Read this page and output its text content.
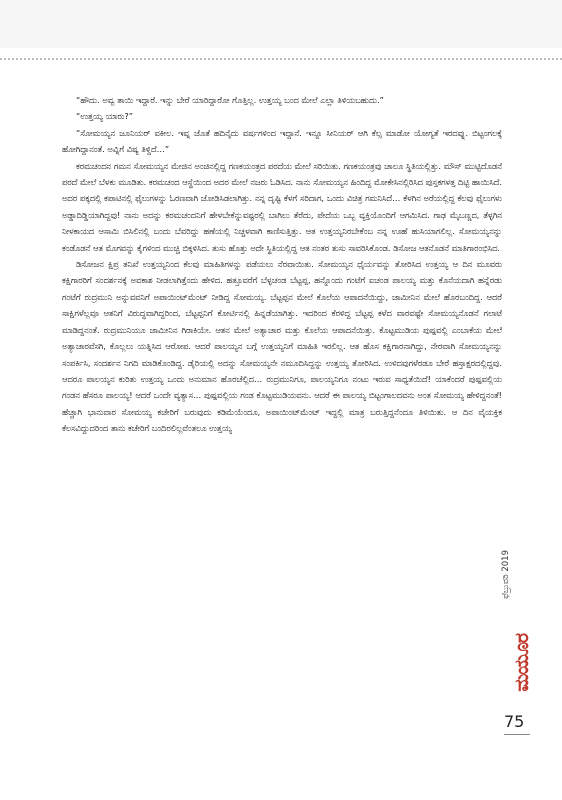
“ಹೌದು. ಅವ್ವ ತಾಯಿ ಇದ್ದಾರೆ. ಇನ್ನು ಬೇರೆ ಯಾರಿದ್ದಾರೋ ಗೊತ್ತಿಲ್ಲ. ಉತ್ತಯ್ಯ ಬಂದ ಮೇಲೆ ಎಲ್ಲಾ ತಿಳಿಯಬಹುದು.”

“ಉತ್ತಯ್ಯ ಯಾರು?”

“ಸೋಮಯ್ಯನ ಜೂನಿಯರ್ ವಕೀಲ. ಇವ್ನ ಜೊತೆ ಹದಿನೈದು ವರ್ಷಗಳಿಂದ ಇದ್ದಾನೆ. ಇನ್ನೂ ಸೀನಿಯರ್ ಆಗಿ ಕೆಲ್ಸ ಮಾಡೋ ಯೋಗ್ಯತೆ ಇರದವ್ನು. ಬಿಟ್ಟಂಗಲಕ್ಕೆ ಹೋಗಿದ್ದಾನಂತೆ. ಅವ್ನಿಗೆ ವಿಷ್ಯ ತಿಳ್ದಿದೆ…”

ಕರಮಚಂದನ ಗಮನ ಸೋಮಯ್ಯನ ಮೇಜಿನ ಅಂಚಿನಲ್ಲಿದ್ದ ಗಣಕಯಂತ್ರದ ಪರದೆಯ ಮೇಲೆ ಸರಿಯಿತು. ಗಣಕಯಂತ್ರವು ಚಾಲೂ ಸ್ಥಿತಿಯಲ್ಲಿತ್ತು. ಮೌಸ್ ಮುಟ್ಟಿದೊಡನೆ ಪರದೆ ಮೇಲೆ ಬೆಳಕು ಮೂಡಿತು. ಕರಮಚಂದ ಆಸ್ಥೆಯಿಂದ ಅದರ ಮೇಲೆ ನಜರು ಓಡಿಸಿದ. ನಾನು ಸೋಮಯ್ಯನ ಹಿಂದಿದ್ದ ಮೋಕೇಸಿನಲ್ಲಿರಿಸಿದ ಪುಸ್ತಕಗಳತ್ತ ದಿಟ್ಟಿ ಹಾಯಿಸಿದೆ. ಅದರ ಪಕ್ಕದಲ್ಲಿ ಕಪಾಟಿನಲ್ಲಿ ಫೈಲುಗಳನ್ನು ಓರಣವಾಗಿ ಜೋಡಿಸಿಡಲಾಗಿತ್ತು. ನನ್ನ ದೃಷ್ಟಿ ಕೆಳಗೆ ಸರಿದಾಗ, ಒಂದು ವಿಚಿತ್ರ ಗಮನಿಸಿದೆ… ಕೆಳಗಿನ ಅರೆಯಲ್ಲಿದ್ದ ಕೆಲವು ಫೈಲುಗಳು ಅಡ್ಡಾದಿಡ್ಡಿಯಾಗಿದ್ದವು! ನಾನು ಅದನ್ನು ಕರಮಚಂದನಿಗೆ ಹೇಳಬೇಕೆನ್ನುವಷ್ಟರಲ್ಲಿ ಬಾಗಿಲು ತೆರೆದು, ಪೇದೆಯ ಒಬ್ಬ ವ್ಯಕ್ತಿಯೊಂದಿಗೆ ಆಗಮಿಸಿದ. ಗಾಢ ಮೈಬಣ್ಣದ, ತೆಳ್ಳಗಿನ ನೀಳಕಾಯದ ಆಸಾಮಿ ಬಿಸಿಲಿನಲ್ಲಿ ಬಂದು ಬೆವರಿದ್ದು ಹಣೆಯಲ್ಲಿ ನಿಚ್ಚಳವಾಗಿ ಕಾಣಿಸುತ್ತಿತ್ತು. ಆತ ಉತ್ತಯ್ಯನಿರಬೇಕೆಂಬ ನನ್ನ ಊಹೆ ಹುಸಿಯಾಗಲಿಲ್ಲ. ಸೋಮಯ್ಯನನ್ನು ಕಂಡೊಡನೆ ಆತ ಮೊಗವನ್ನು ಕೈಗಳಿಂದ ಮುಚ್ಚಿ ಬಿಕ್ಕಳಿಸಿದ. ತುಸು ಹೊತ್ತು ಅದೇ ಸ್ಥಿತಿಯಲ್ಲಿದ್ದ ಆತ ನಂತರ ತುಸು ಸಾವರಿಸಿಕೊಂಡ. ಡಿಸೋಜ ಆತನೊಡನೆ ಮಾತಿಗಾರಂಭಿಸಿದ.

ಡಿಸೋಜನ ಕ್ಷಿಪ್ರ ತನಿಖೆ ಉತ್ತಯ್ಯನಿಂದ ಕೆಲವು ಮಾಹಿತಿಗಳನ್ನು ಪಡೆಯಲು ನೆರವಾಯಿತು. ಸೋಮಯ್ಯನ ಧೈರ್ಯವನ್ನು ತೋರಿಸಿದ ಉತ್ತಯ್ಯ ಆ ದಿನ ಮೂವರು ಕಕ್ಷಿಗಾರರಿಗೆ ಸಂದರ್ಶನಕ್ಕೆ ಅವಕಾಶ ನೀಡಲಾಗಿತ್ತೆಂದು ಹೇಳಿದ. ಹತ್ತೂವರೆಗೆ ಬೆಳ್ಳಚಂಡ ಬೆಟ್ಟಪ್ಪ, ಹನ್ನೊಂದು ಗಂಟೆಗೆ ಐಚಂಡ ಪಾಲಯ್ಯ ಮತ್ತು ಕೊನೆಯದಾಗಿ ಹನ್ನೆರಡು ಗಂಟೆಗೆ ರುದ್ರಮುನಿ ಅನ್ನುವವನಿಗೆ ಅಪಾಯಿಂಟ್‌ಮೆಂಟ್ ನೀಡಿದ್ದ ಸೋಮಯ್ಯ. ಬೆಟ್ಟಪ್ಪನ ಮೇಲೆ ಕೊಲೆಯ ಆಪಾದನೆಯಿದ್ದು, ಜಾಮೀನಿನ ಮೇಲೆ ಹೊರಬಂದಿದ್ದ. ಆದರೆ ಸಾಕ್ಷಿಗಳೆಲ್ಲವೂ ಆತನಿಗೆ ವಿರುದ್ಧವಾಗಿದ್ದರಿಂದ, ಬೆಟ್ಟಪ್ಪನಿಗೆ ಕೋರ್ಟಿನಲ್ಲಿ ಹಿನ್ನಡೆಯಾಗಿತ್ತು. ಇದರಿಂದ ಕೆರಳಿದ್ದ ಬೆಟ್ಟಪ್ಪ ಕಳೆದ ವಾರವಷ್ಟೇ ಸೋಮಯ್ಯನೊಡನೆ ಗಲಾಟೆ ಮಾಡಿದ್ದನಂತೆ. ರುದ್ರಮುನಿಯೂ ಜಾಮೀನಿನ ಗಿರಾಕಿಯೇ. ಆತನ ಮೇಲೆ ಅತ್ಯಾಚಾರ ಮತ್ತು ಕೊಲೆಯ ಆಪಾದನೆಯಿತ್ತು. ಕೊಟ್ಟಮುಡಿಯ ಪುಷ್ಪವಲ್ಲಿ ಎಂಬಾಕೆಯ ಮೇಲೆ ಅತ್ಯಾಚಾರವೆಸಗಿ, ಕೊಲ್ಲಲು ಯತ್ನಿಸಿದ ಆರೋಪ. ಆದರೆ ಪಾಲಯ್ಯನ ಬಗ್ಗೆ ಉತ್ತಯ್ಯನಿಗೆ ಮಾಹಿತಿ ಇರಲಿಲ್ಲ. ಆತ ಹೊಸ ಕಕ್ಷಿಗಾರನಾಗಿದ್ದು, ನೇರವಾಗಿ ಸೋಮಯ್ಯನನ್ನು ಸಂಪರ್ಕಿಸಿ, ಸಂದರ್ಶನ ನಿಗದಿ ಮಾಡಿಕೊಂಡಿದ್ದ. ಡೈರಿಯಲ್ಲಿ ಅದನ್ನು ಸೋಮಯ್ಯನೇ ನಮೂದಿಸಿದ್ದನ್ನು ಉತ್ತಯ್ಯ ತೋರಿಸಿದ. ಉಳಿದವುಗಳೆರಡೂ ಬೇರೆ ಹಸ್ತಾಕ್ಷರದಲ್ಲಿದ್ದವು. ಆದರೂ ಪಾಲಯ್ಯನ ಕುರಿತು ಉತ್ತಯ್ಯ ಒಂದು ಅನುಮಾನ ಹೊರಚೆಲ್ಲಿದ… ರುದ್ರಮುನಿಗೂ, ಪಾಲಯ್ಯನಿಗೂ ನಂಟು ಇರುವ ಸಾಧ್ಯತೆಯಿದೆ! ಯಾಕೆಂದರೆ ಪುಷ್ಪವಲ್ಲಿಯ ಗಂಡನ ಹೆಸರೂ ಪಾಲಯ್ಯ! ಆದರೆ ಒಂದೇ ವ್ಯತ್ಯಾಸ… ಪುಷ್ಪವಲ್ಲಿಯ ಗಂಡ ಕೊಟ್ಟಮುಡಿಯವನು. ಆದರೆ ಈ ಪಾಲಯ್ಯ ಬಿಟ್ಟಂಗಾಲದವನು ಅಂತ ಸೋಮಯ್ಯ ಹೇಳಿದ್ದನಂತೆ! ಹೆಚ್ಚಾಗಿ ಭಾನುವಾರ ಸೋಮಯ್ಯ ಕಚೇರಿಗೆ ಬರುವುದು ಕಡಿಮೆಯೆಂದೂ, ಅಪಾಯಿಂಟ್‌ಮೆಂಟ್ ಇದ್ದಲ್ಲಿ ಮಾತ್ರ ಬರುತ್ತಿದ್ದನೆಂದೂ ತಿಳಿಯಿತು. ಆ ದಿನ ವೈಯಕ್ತಿಕ ಕೆಲಸವಿದ್ದುದರಿಂದ ತಾನು ಕಚೇರಿಗೆ ಬಂದಿರಲಿಲ್ಲವೆಂತಲೂ ಉತ್ತಯ್ಯ

ಫೆಬ್ರುವರಿ 2019
ಮಯೂರ
75
